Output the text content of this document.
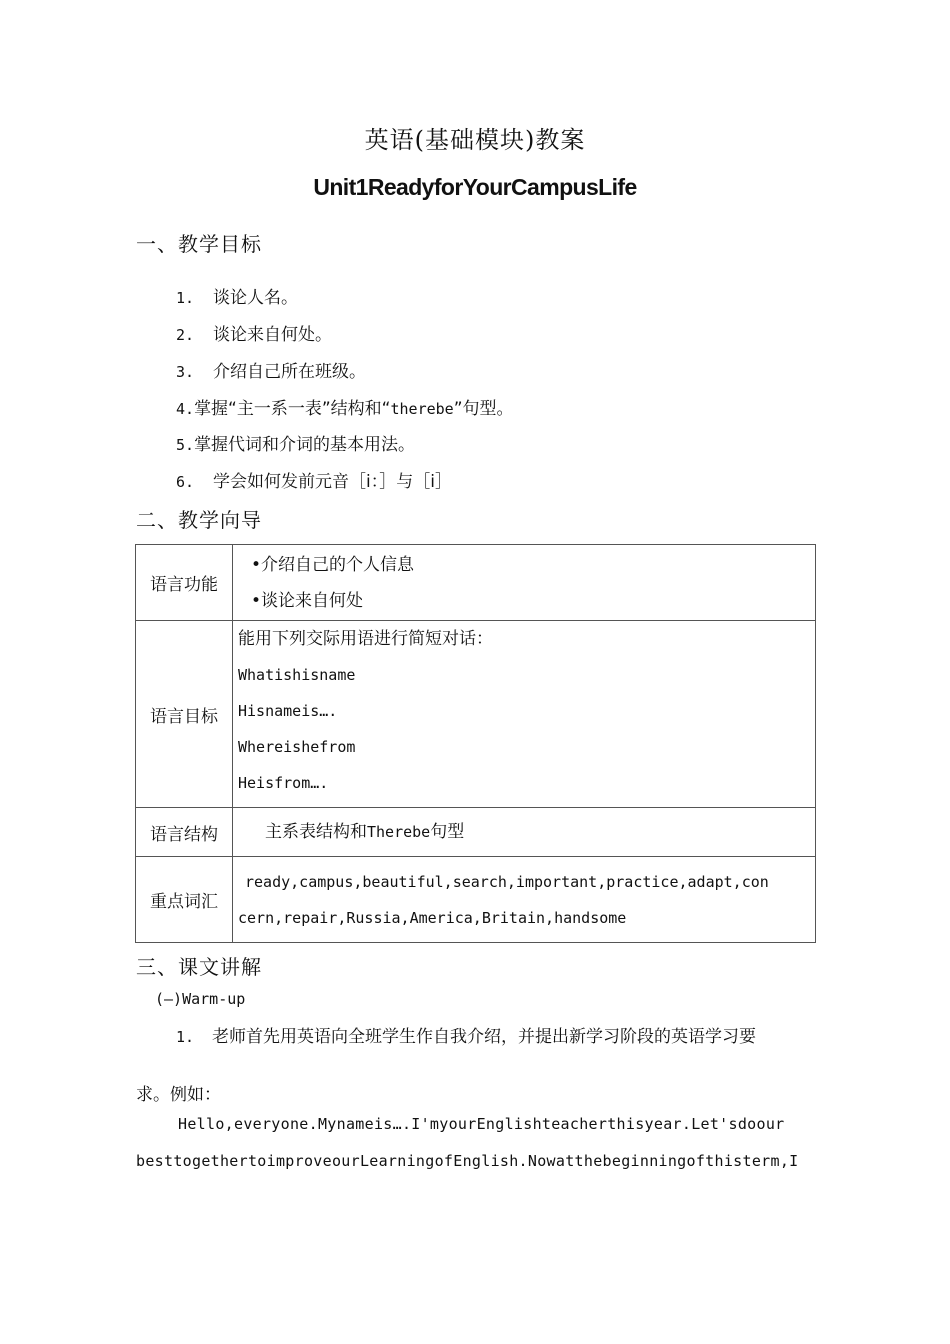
英语(基础模块)教案
Unit1ReadyforYourCampusLife
一、教学目标
1. 谈论人名。
2. 谈论来自何处。
3. 介绍自己所在班级。
4.掌握“主一系一表”结构和“therebe”句型。
5.掌握代词和介词的基本用法。
6. 学会如何发前元音［i：］与［i］
二、教学向导
语言功能	•介绍自己的个人信息
•谈论来自何处

语言目标	能用下列交际用语进行简短对话：
Whatishisname
Hisnameis….
Whereishefrom
Heisfrom….

语言结构	主系表结构和Therebe句型

重点词汇	ready,campus,beautiful,search,important,practice,adapt,con
cern,repair,Russia,America,Britain,handsome
三、课文讲解
(—)Warm-up
1. 老师首先用英语向全班学生作自我介绍，并提出新学习阶段的英语学习要
求。例如：
Hello,everyone.Mynameis….I'myourEnglishteacherthisyear.Let'sdoour
besttogethertoimproveourLearningofEnglish.Nowatthebeginningofthisterm,I
